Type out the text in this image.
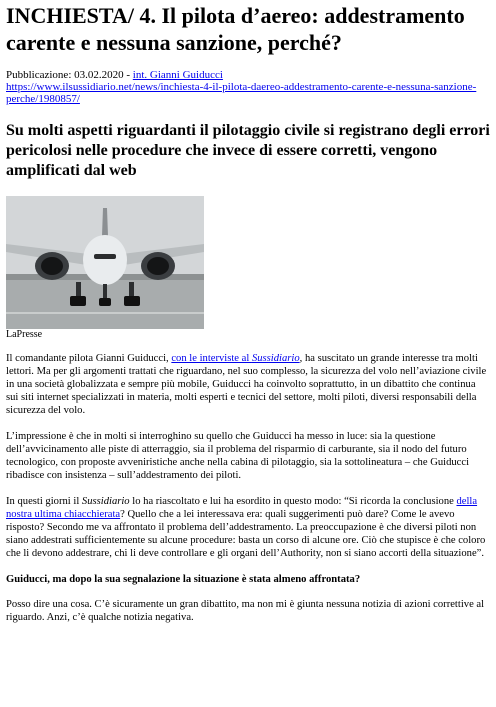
INCHIESTA/ 4. Il pilota d’aereo: addestramento carente e nessuna sanzione, perché?
Pubblicazione: 03.02.2020 - int. Gianni Guiducci
https://www.ilsussidiario.net/news/inchiesta-4-il-pilota-daereo-addestramento-carente-e-nessuna-sanzione-perche/1980857/
Su molti aspetti riguardanti il pilotaggio civile si registrano degli errori pericolosi nelle procedure che invece di essere corretti, vengono amplificati dal web
LaPresse

Il comandante pilota Gianni Guiducci, con le interviste al Sussidiario, ha suscitato un grande interesse tra molti lettori. Ma per gli argomenti trattati che riguardano, nel suo complesso, la sicurezza del volo nell’aviazione civile in una società globalizzata e sempre più mobile, Guiducci ha coinvolto soprattutto, in un dibattito che continua sui siti internet specializzati in materia, molti esperti e tecnici del settore, molti piloti, diversi responsabili della sicurezza del volo.

L’impressione è che in molti si interroghino su quello che Guiducci ha messo in luce: sia la questione dell’avvicinamento alle piste di atterraggio, sia il problema del risparmio di carburante, sia il nodo del futuro tecnologico, con proposte avveniristiche anche nella cabina di pilotaggio, sia la sottolineatura – che Guiducci ribadisce con insistenza – sull’addestramento dei piloti.

In questi giorni il Sussidiario lo ha riascoltato e lui ha esordito in questo modo: “Si ricorda la conclusione della nostra ultima chiacchierata? Quello che a lei interessava era: quali suggerimenti può dare? Come le avevo risposto? Secondo me va affrontato il problema dell’addestramento. La preoccupazione è che diversi piloti non siano addestrati sufficientemente su alcune procedure: basta un corso di alcune ore. Ciò che stupisce è che coloro che li devono addestrare, chi li deve controllare e gli organi dell’Authority, non si siano accorti della situazione”.

Guiducci, ma dopo la sua segnalazione la situazione è stata almeno affrontata?

Posso dire una cosa. C’è sicuramente un gran dibattito, ma non mi è giunta nessuna notizia di azioni correttive al riguardo. Anzi, c’è qualche notizia negativa.
